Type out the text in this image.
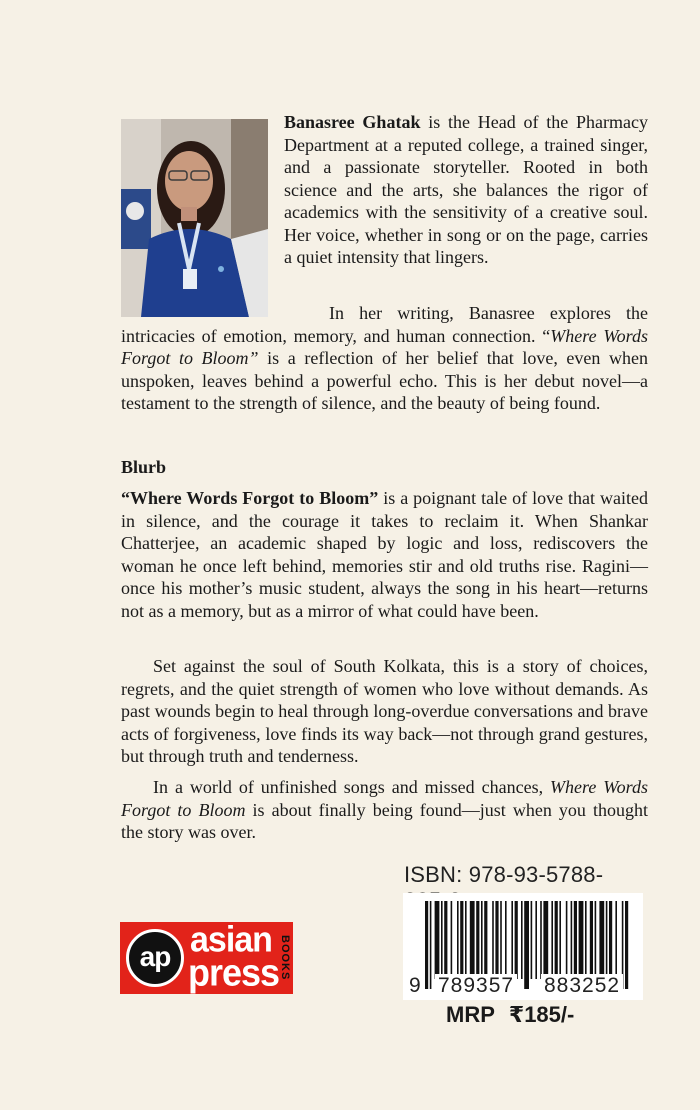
Banasree Ghatak is the Head of the Pharmacy Department at a reputed college, a trained singer, and a passionate storyteller. Rooted in both science and the arts, she balances the rigor of academics with the sensitivity of a creative soul. Her voice, whether in song or on the page, carries a quiet intensity that lingers.

In her writing, Banasree explores the intricacies of emotion, memory, and human connection. “Where Words Forgot to Bloom” is a reflection of her belief that love, even when unspoken, leaves behind a powerful echo. This is her debut novel—a testament to the strength of silence, and the beauty of being found.

Blurb

“Where Words Forgot to Bloom” is a poignant tale of love that waited in silence, and the courage it takes to reclaim it. When Shankar Chatterjee, an academic shaped by logic and loss, rediscovers the woman he once left behind, memories stir and old truths rise. Ragini—once his mother’s music student, always the song in his heart—returns not as a memory, but as a mirror of what could have been.

Set against the soul of South Kolkata, this is a story of choices, regrets, and the quiet strength of women who love without demands. As past wounds begin to heal through long-overdue conversations and brave acts of forgiveness, love finds its way back—not through grand gestures, but through truth and tenderness.

In a world of unfinished songs and missed chances, Where Words Forgot to Bloom is about finally being found—just when you thought the story was over.

ap asian
press BOOKS
ISBN: 978-93-5788-
9 789357 883252
MRP ₹185/-
